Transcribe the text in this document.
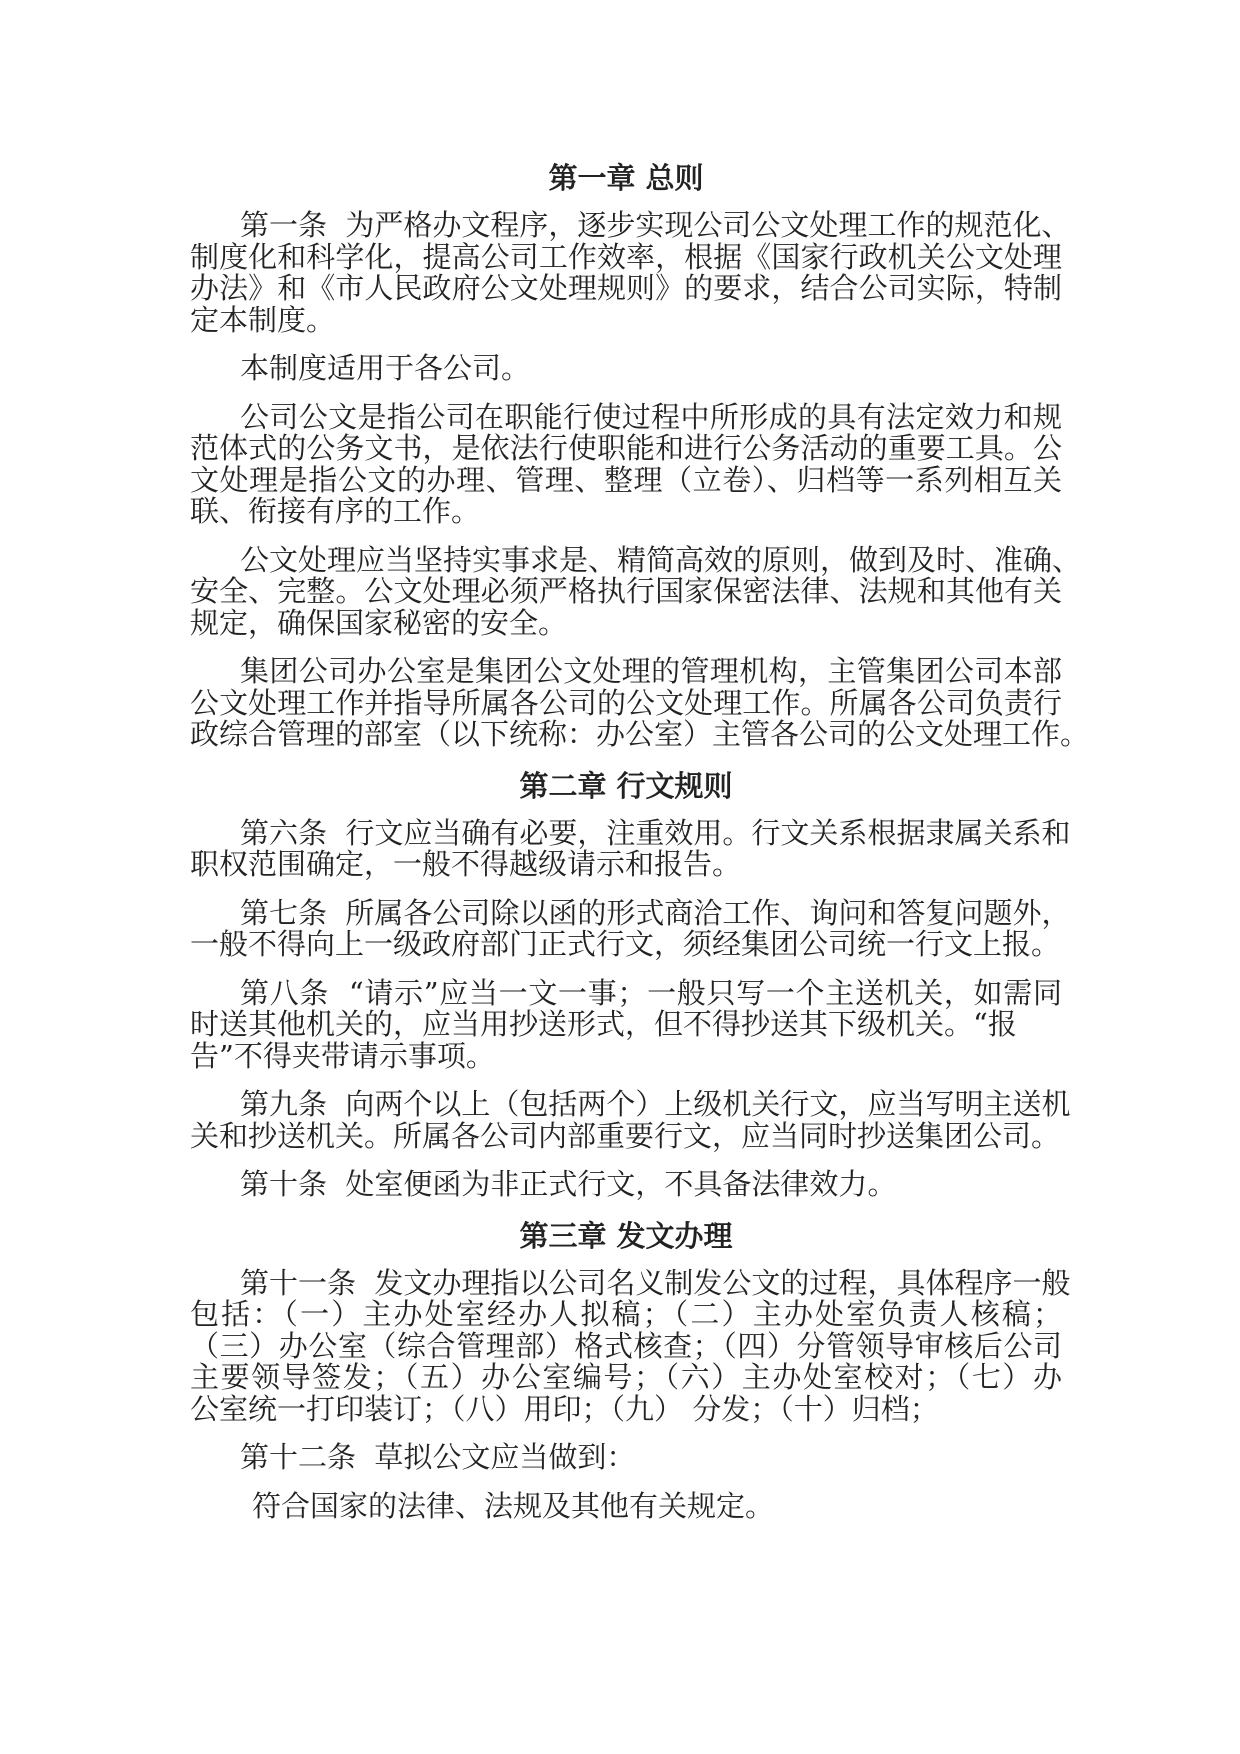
第一章 总则
第一条  为严格办文程序，逐步实现公司公文处理工作的规范化、
制度化和科学化，提高公司工作效率，根据《国家行政机关公文处理
办法》和《市人民政府公文处理规则》的要求，结合公司实际，特制
定本制度。
本制度适用于各公司。
公司公文是指公司在职能行使过程中所形成的具有法定效力和规
范体式的公务文书，是依法行使职能和进行公务活动的重要工具。公
文处理是指公文的办理、管理、整理（立卷）、归档等一系列相互关
联、衔接有序的工作。
公文处理应当坚持实事求是、精简高效的原则，做到及时、准确、
安全、完整。公文处理必须严格执行国家保密法律、法规和其他有关
规定，确保国家秘密的安全。
集团公司办公室是集团公文处理的管理机构，主管集团公司本部
公文处理工作并指导所属各公司的公文处理工作。所属各公司负责行
政综合管理的部室（以下统称：办公室）主管各公司的公文处理工作。
第二章 行文规则
第六条  行文应当确有必要，注重效用。行文关系根据隶属关系和
职权范围确定，一般不得越级请示和报告。
第七条  所属各公司除以函的形式商洽工作、询问和答复问题外，
一般不得向上一级政府部门正式行文，须经集团公司统一行文上报。
第八条  “请示”应当一文一事；一般只写一个主送机关，如需同
时送其他机关的，应当用抄送形式，但不得抄送其下级机关。“报
告”不得夹带请示事项。
第九条  向两个以上（包括两个）上级机关行文，应当写明主送机
关和抄送机关。所属各公司内部重要行文，应当同时抄送集团公司。
第十条  处室便函为非正式行文，不具备法律效力。
第三章 发文办理
第十一条  发文办理指以公司名义制发公文的过程，具体程序一般
包括：（一）主办处室经办人拟稿；（二）主办处室负责人核稿；
（三）办公室（综合管理部）格式核查；（四）分管领导审核后公司
主要领导签发；（五）办公室编号；（六）主办处室校对；（七）办
公室统一打印装订；（八）用印；（九） 分发；（十）归档；
第十二条  草拟公文应当做到：
符合国家的法律、法规及其他有关规定。
